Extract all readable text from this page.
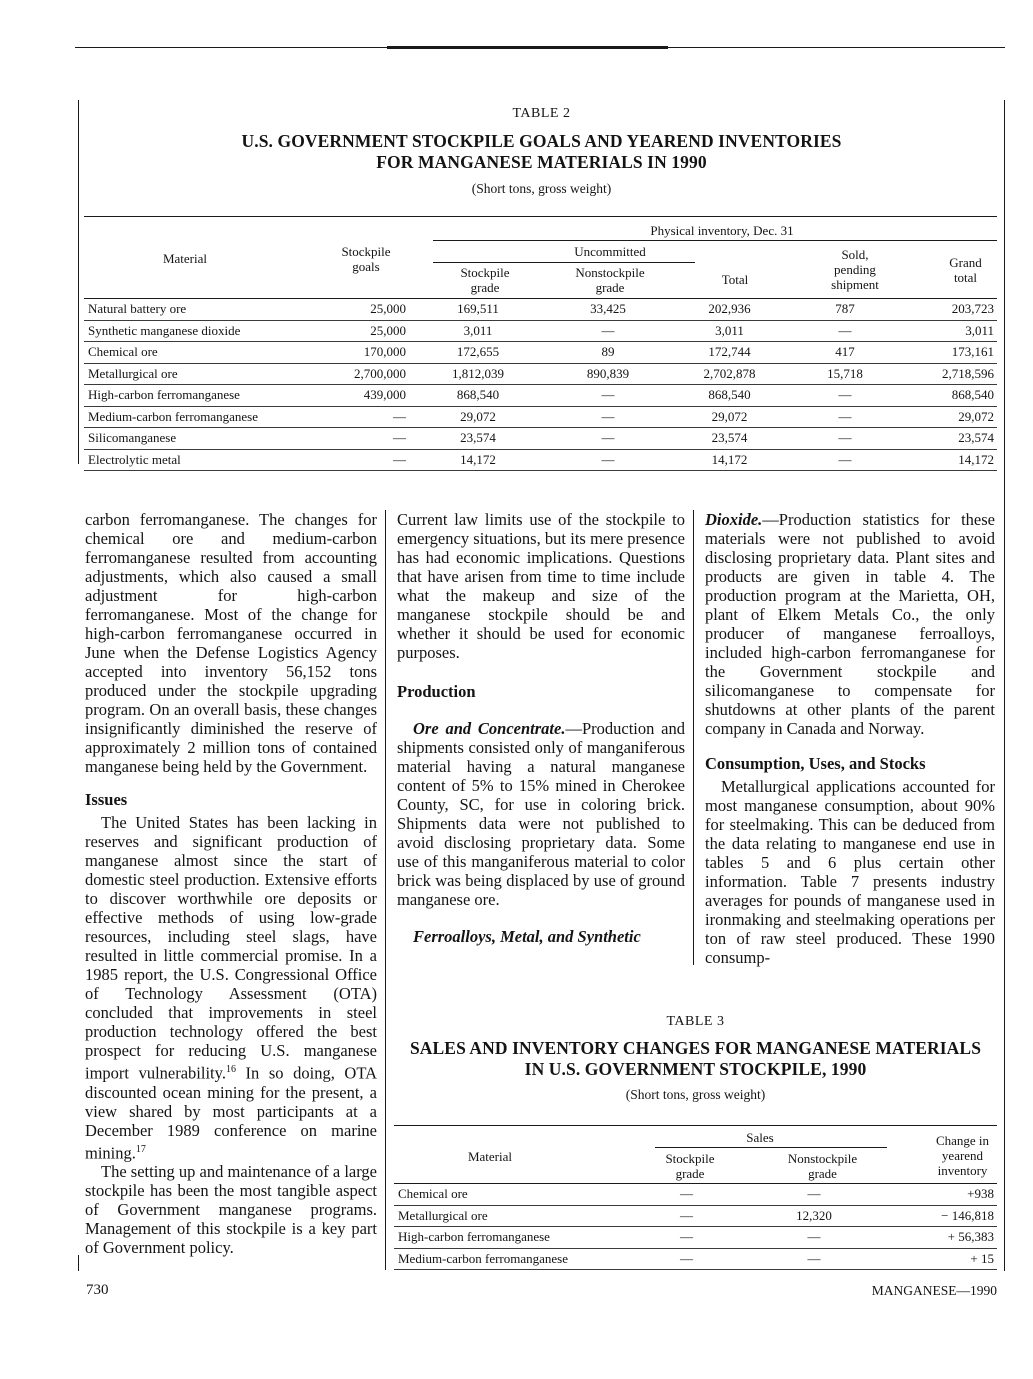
TABLE 2
U.S. GOVERNMENT STOCKPILE GOALS AND YEAREND INVENTORIES
FOR MANGANESE MATERIALS IN 1990
(Short tons, gross weight)
Material	Stockpile
goals
Physical inventory, Dec. 31
Uncommitted
Stockpile
grade
Nonstockpile
grade
Total
Sold,
pending
shipment
Grand
total
Natural battery ore	25,000	169,511	33,425	202,936	787	203,723
Synthetic manganese dioxide	25,000	3,011	—	3,011	—	3,011
Chemical ore	170,000	172,655	89	172,744	417	173,161
Metallurgical ore	2,700,000	1,812,039	890,839	2,702,878	15,718	2,718,596
High-carbon ferromanganese	439,000	868,540	—	868,540	—	868,540
Medium-carbon ferromanganese	—	29,072	—	29,072	—	29,072
Silicomanganese	—	23,574	—	23,574	—	23,574
Electrolytic metal	—	14,172	—	14,172	—	14,172

carbon ferromanganese. The changes for chemical ore and medium-carbon ferromanganese resulted from accounting adjustments, which also caused a small adjustment for high-carbon ferromanganese. Most of the change for high-carbon ferromanganese occurred in June when the Defense Logistics Agency accepted into inventory 56,152 tons produced under the stockpile upgrading program. On an overall basis, these changes insignificantly diminished the reserve of approximately 2 million tons of contained manganese being held by the Government.

Issues

The United States has been lacking in reserves and significant production of manganese almost since the start of domestic steel production. Extensive efforts to discover worthwhile ore deposits or effective methods of using low-grade resources, including steel slags, have resulted in little commercial promise. In a 1985 report, the U.S. Congressional Office of Technology Assessment (OTA) concluded that improvements in steel production technology offered the best prospect for reducing U.S. manganese import vulnerability.$^{16}$ In so doing, OTA discounted ocean mining for the present, a view shared by most participants at a December 1989 conference on marine mining.$^{17}$

The setting up and maintenance of a large stockpile has been the most tangible aspect of Government manganese programs. Management of this stockpile is a key part of Government policy.

Current law limits use of the stockpile to emergency situations, but its mere presence has had economic implications. Questions that have arisen from time to time include what the makeup and size of the manganese stockpile should be and whether it should be used for economic purposes.

Production

Ore and Concentrate.—Production and shipments consisted only of manganiferous material having a natural manganese content of 5% to 15% mined in Cherokee County, SC, for use in coloring brick. Shipments data were not published to avoid disclosing proprietary data. Some use of this manganiferous material to color brick was being displaced by use of ground manganese ore.

Ferroalloys, Metal, and Synthetic

Dioxide.—Production statistics for these materials were not published to avoid disclosing proprietary data. Plant sites and products are given in table 4. The production program at the Marietta, OH, plant of Elkem Metals Co., the only producer of manganese ferroalloys, included high-carbon ferromanganese for the Government stockpile and silicomanganese to compensate for shutdowns at other plants of the parent company in Canada and Norway.

Consumption, Uses, and Stocks

Metallurgical applications accounted for most manganese consumption, about 90% for steelmaking. This can be deduced from the data relating to manganese end use in tables 5 and 6 plus certain other information. Table 7 presents industry averages for pounds of manganese used in ironmaking and steelmaking operations per ton of raw steel produced. These 1990 consump-

TABLE 3
SALES AND INVENTORY CHANGES FOR MANGANESE MATERIALS
IN U.S. GOVERNMENT STOCKPILE, 1990
(Short tons, gross weight)
Material
Sales
Stockpile
grade
Nonstockpile
grade
Change in
yearend
inventory
Chemical ore	—	—	+938
Metallurgical ore	—	12,320	− 146,818
High-carbon ferromanganese	—	—	+ 56,383
Medium-carbon ferromanganese	—	—	+ 15
730	MANGANESE—1990
